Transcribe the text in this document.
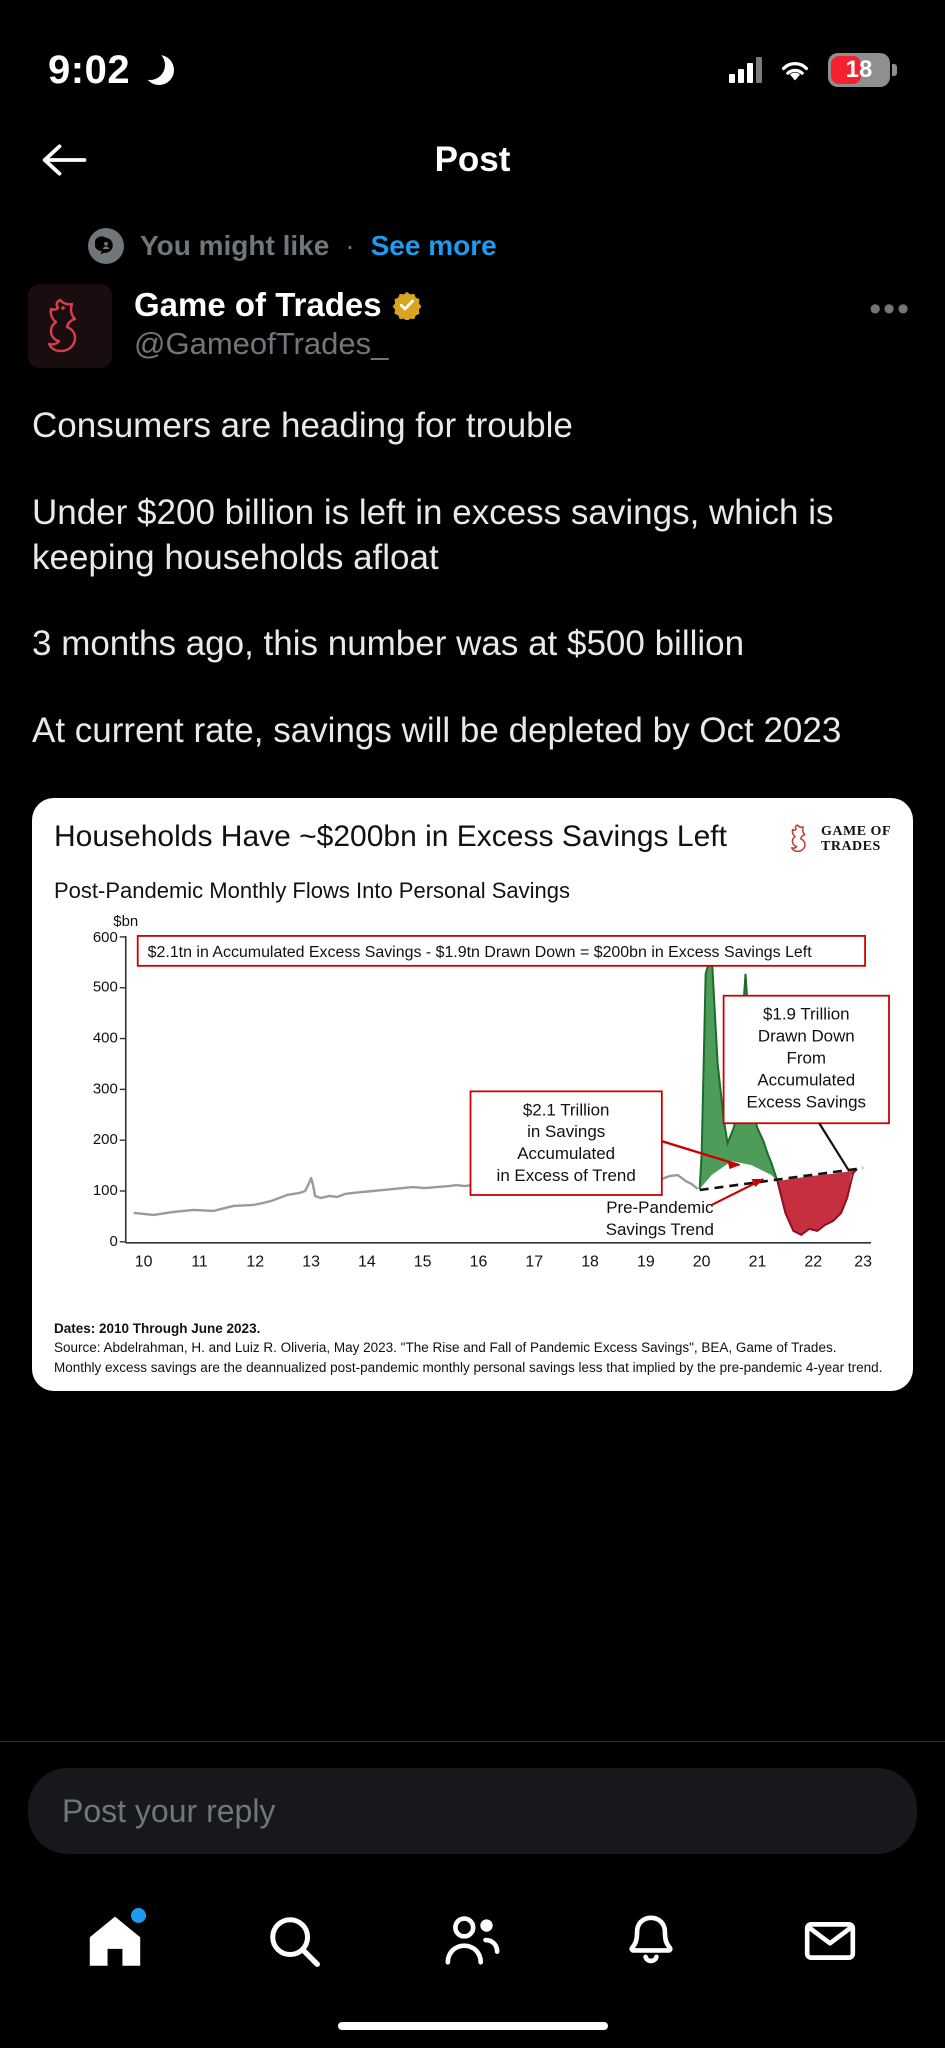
9:02	18
Post
You might like · See more
Game of Trades
@GameofTrades_
•••

Consumers are heading for trouble

Under $200 billion is left in excess savings, which is keeping households afloat

3 months ago, this number was at $500 billion

At current rate, savings will be depleted by Oct 2023

Households Have ~$200bn in Excess Savings Left	GAME OF
TRADES
Post-Pandemic Monthly Flows Into Personal Savings
600
500
400
300
200
100
0
$bn
10 11 12 13 14 15 16 17 18 19 20 21 22 23
$2.1tn in Accumulated Excess Savings - $1.9tn Drawn Down = $200bn in Excess Savings Left
$2.1 Trillion
in Savings
Accumulated
in Excess of Trend
$1.9 Trillion
Drawn Down
From
Accumulated
Excess Savings
Pre-Pandemic
Savings Trend
Dates: 2010 Through June 2023.
Source: Abdelrahman, H. and Luiz R. Oliveria, May 2023. "The Rise and Fall of Pandemic Excess Savings", BEA, Game of Trades.
Monthly excess savings are the deannualized post-pandemic monthly personal savings less that implied by the pre-pandemic 4-year trend.
Post your reply
